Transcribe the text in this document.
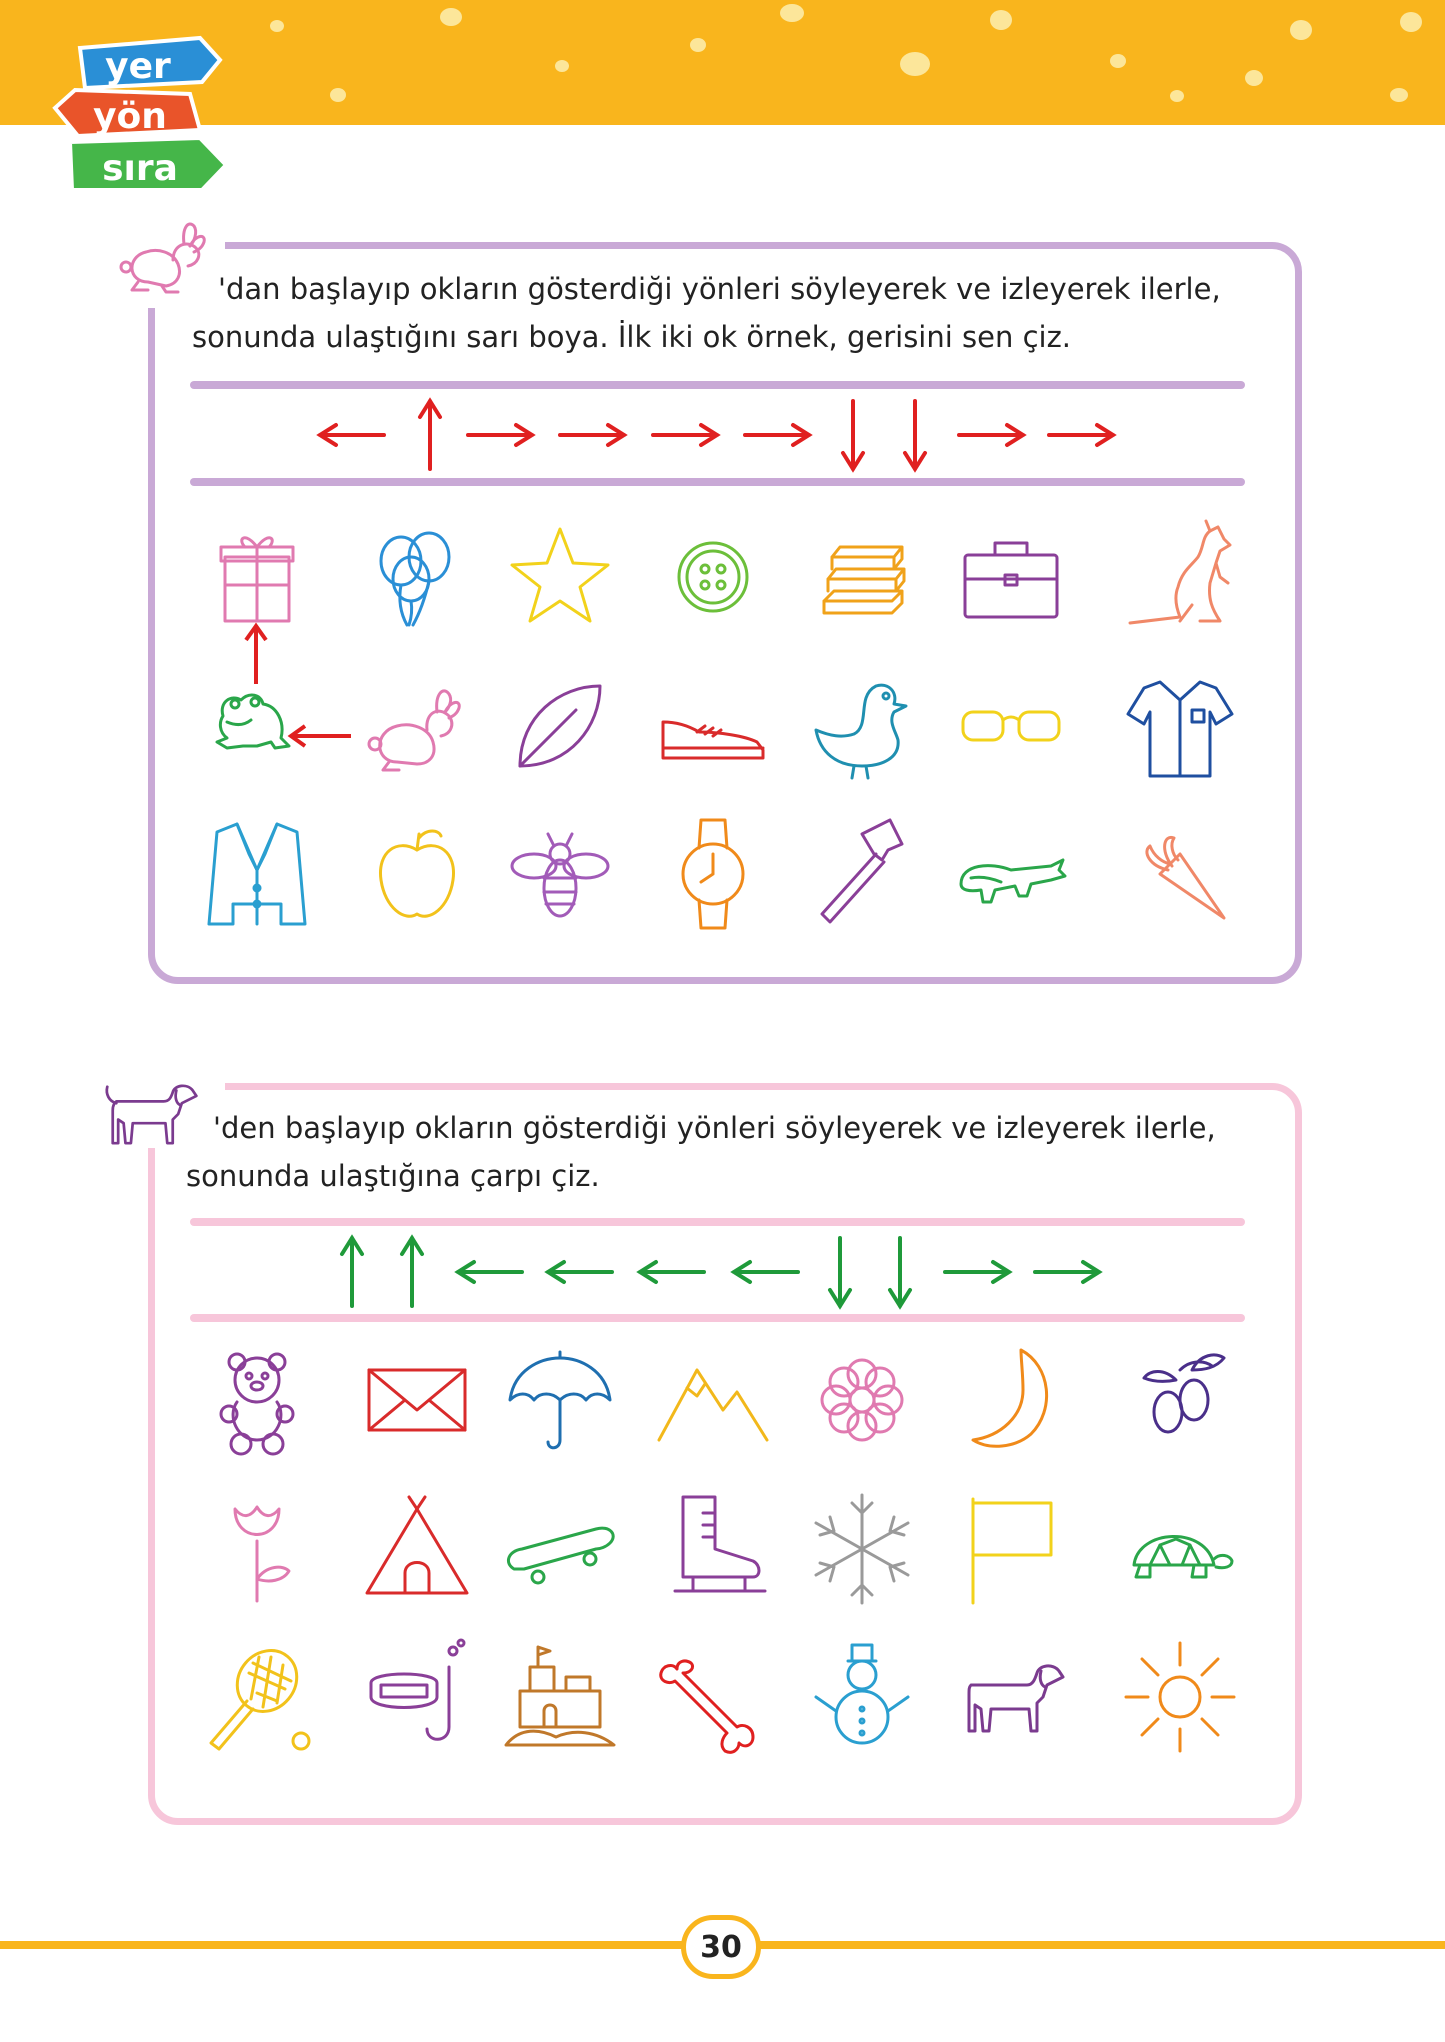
yer
yön
sıra
'dan başlayıp okların gösterdiği yönleri söyleyerek ve izleyerek ilerle,
sonunda ulaştığını sarı boya. İlk iki ok örnek, gerisini sen çiz.
'den başlayıp okların gösterdiği yönleri söyleyerek ve izleyerek ilerle,
sonunda ulaştığına çarpı çiz.
30
